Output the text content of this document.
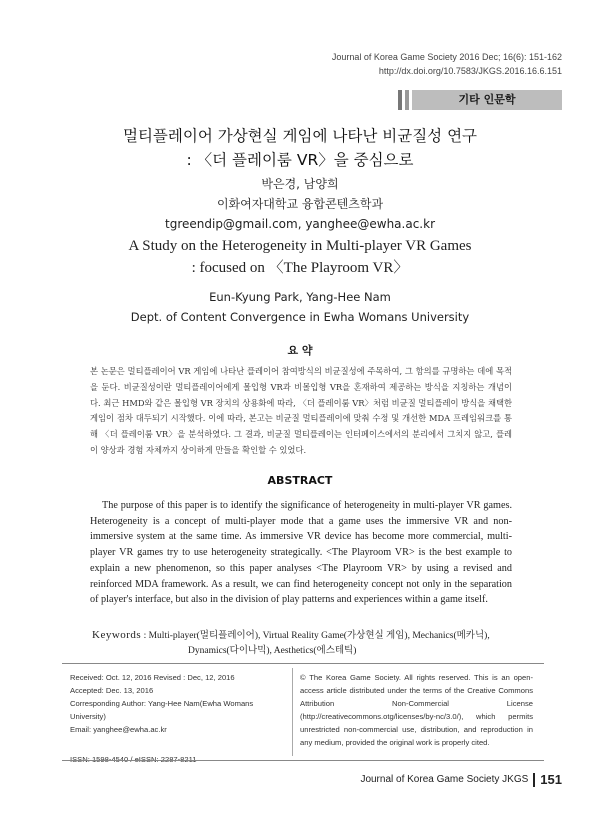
Journal of Korea Game Society 2016 Dec; 16(6): 151-162
http://dx.doi.org/10.7583/JKGS.2016.16.6.151
기타 인문학
멀티플레이어 가상현실 게임에 나타난 비균질성 연구
: 〈더 플레이룸 VR〉을 중심으로
박은경, 남양희
이화여자대학교 융합콘텐츠학과
tgreendip@gmail.com, yanghee@ewha.ac.kr
A Study on the Heterogeneity in Multi-player VR Games
: focused on 〈The Playroom VR〉
Eun-Kyung Park, Yang-Hee Nam
Dept. of Content Convergence in Ewha Womans University
요 약
본 논문은 멀티플레이어 VR 게임에 나타난 플레이어 참여방식의 비균질성에 주목하여, 그 함의를 규명하는 데에 목적을 둔다. 비균질성이란 멀티플레이어에게 몰입형 VR과 비몰입형 VR을 혼재하여 제공하는 방식을 지칭하는 개념이다. 최근 HMD와 같은 몰입형 VR 장치의 상용화에 따라, 〈더 플레이룸 VR〉처럼 비균질 멀티플레이 방식을 채택한 게임이 점차 대두되기 시작했다. 이에 따라, 본고는 비균질 멀티플레이에 맞춰 수정 및 개선한 MDA 프레임워크를 통해 〈더 플레이룸 VR〉을 분석하였다. 그 결과, 비균질 멀티플레이는 인터페이스에서의 분리에서 그치지 않고, 플레이 양상과 경험 자체까지 상이하게 만들을 확인할 수 있었다.
ABSTRACT
The purpose of this paper is to identify the significance of heterogeneity in multi-player VR games. Heterogeneity is a concept of multi-player mode that a game uses the immersive VR and non-immersive system at the same time. As immersive VR device has become more commercial, multi-player VR games try to use heterogeneity strategically. <The Playroom VR> is the best example to explain a new phenomenon, so this paper analyses <The Playroom VR> by using a revised and reinforced MDA framework. As a result, we can find heterogeneity concept not only in the separation of player's interface, but also in the division of play patterns and experiences within a game itself.
Keywords : Multi-player(멀티플레이어), Virtual Reality Game(가상현실 게임), Mechanics(메카닉),
Dynamics(다이나믹), Aesthetics(에스테틱)
Received: Oct. 12, 2016 Revised : Dec, 12, 2016
Accepted: Dec. 13, 2016
Corresponding Author: Yang-Hee Nam(Ewha Womans University)
Email: yanghee@ewha.ac.kr
ISSN: 1598-4540 / eISSN: 2287-8211
© The Korea Game Society. All rights reserved. This is an open-access article distributed under the terms of the Creative Commons Attribution Non-Commercial License (http://creativecommons.otg/licenses/by-nc/3.0/), which permits unrestricted non-commercial use, distribution, and reproduction in any medium, provided the original work is properly cited.
Journal of Korea Game Society JKGS 151
